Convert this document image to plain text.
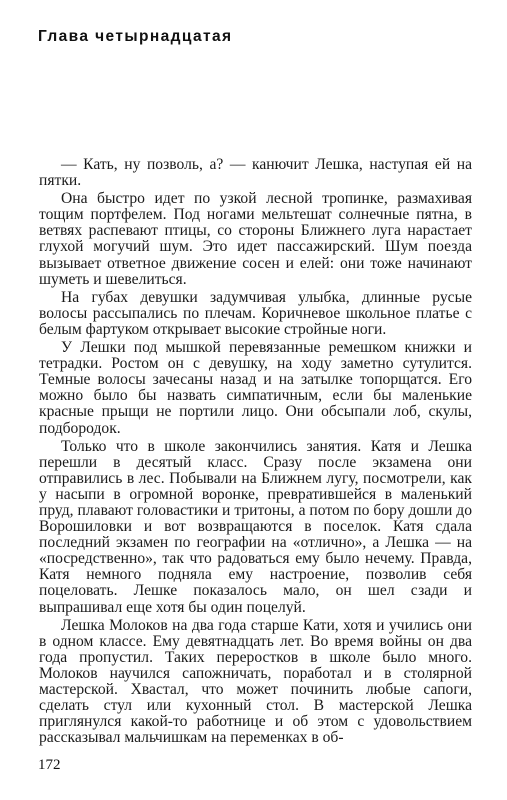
Глава четырнадцатая

— Кать, ну позволь, а? — канючит Лешка, наступая ей на пятки.

Она быстро идет по узкой лесной тропинке, размахивая тощим портфелем. Под ногами мельтешат солнечные пятна, в ветвях распевают птицы, со стороны Ближнего луга нарастает глухой могучий шум. Это идет пассажирский. Шум поезда вызывает ответное движение сосен и елей: они тоже начинают шуметь и шевелиться.

На губах девушки задумчивая улыбка, длинные русые волосы рассыпались по плечам. Коричневое школьное платье с белым фартуком открывает высокие стройные ноги.

У Лешки под мышкой перевязанные ремешком книжки и тетрадки. Ростом он с девушку, на ходу заметно сутулится. Темные волосы зачесаны назад и на затылке топорщатся. Его можно было бы назвать симпатичным, если бы маленькие красные прыщи не портили лицо. Они обсыпали лоб, скулы, подбородок.

Только что в школе закончились занятия. Катя и Лешка перешли в десятый класс. Сразу после экзамена они отправились в лес. Побывали на Ближнем лугу, посмотрели, как у насыпи в огромной воронке, превратившейся в маленький пруд, плавают головастики и тритоны, а потом по бору дошли до Ворошиловки и вот возвращаются в поселок. Катя сдала последний экзамен по географии на «отлично», а Лешка — на «посредственно», так что радоваться ему было нечему. Правда, Катя немного подняла ему настроение, позволив себя поцеловать. Лешке показалось мало, он шел сзади и выпрашивал еще хотя бы один поцелуй.

Лешка Молоков на два года старше Кати, хотя и учились они в одном классе. Ему девятнадцать лет. Во время войны он два года пропустил. Таких переростков в школе было много. Молоков научился сапожничать, поработал и в столярной мастерской. Хвастал, что может починить любые сапоги, сделать стул или кухонный стол. В мастерской Лешка приглянулся какой-то работнице и об этом с удовольствием рассказывал мальчишкам на переменках в об-

172
